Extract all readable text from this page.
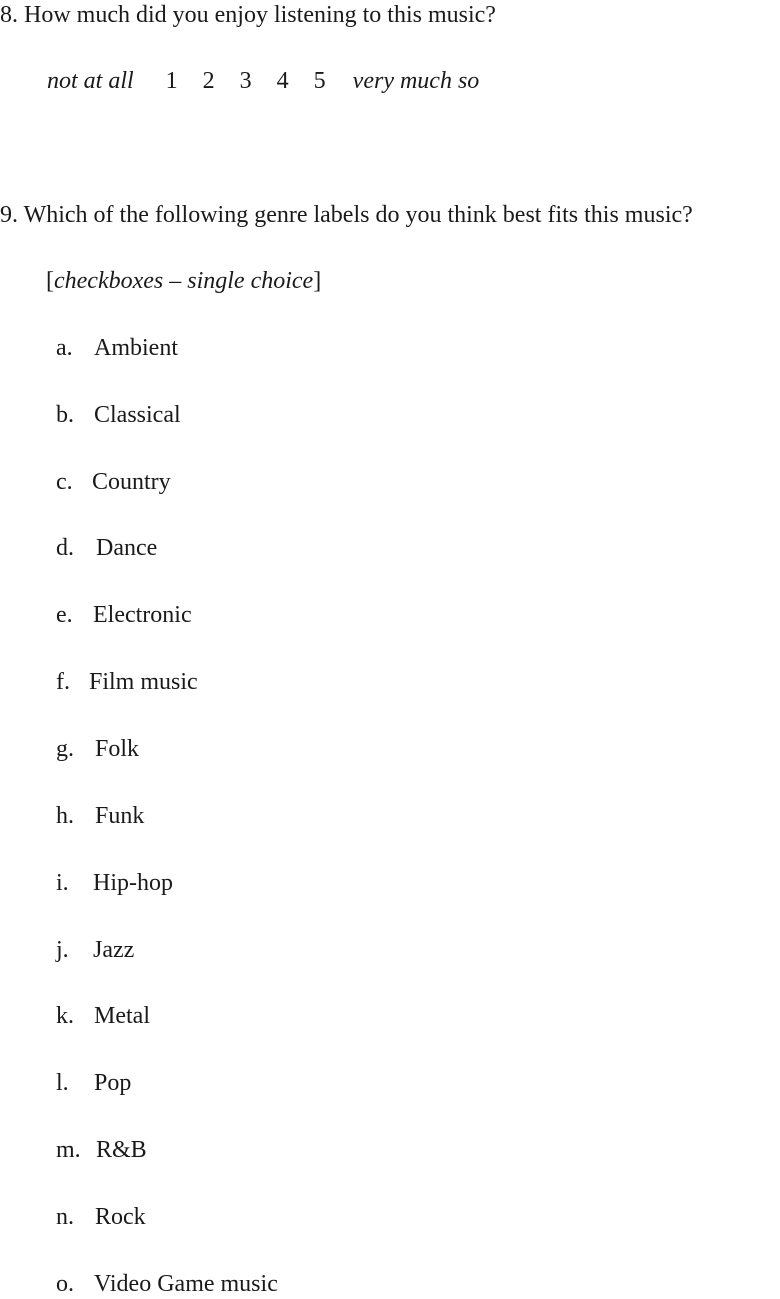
8. How much did you enjoy listening to this music?
not at all 1 2 3 4 5 very much so
9. Which of the following genre labels do you think best fits this music?
[checkboxes – single choice]
a. Ambient
b. Classical
c. Country
d. Dance
e. Electronic
f. Film music
g. Folk
h. Funk
i. Hip-hop
j. Jazz
k. Metal
l. Pop
m. R&B
n. Rock
o. Video Game music
